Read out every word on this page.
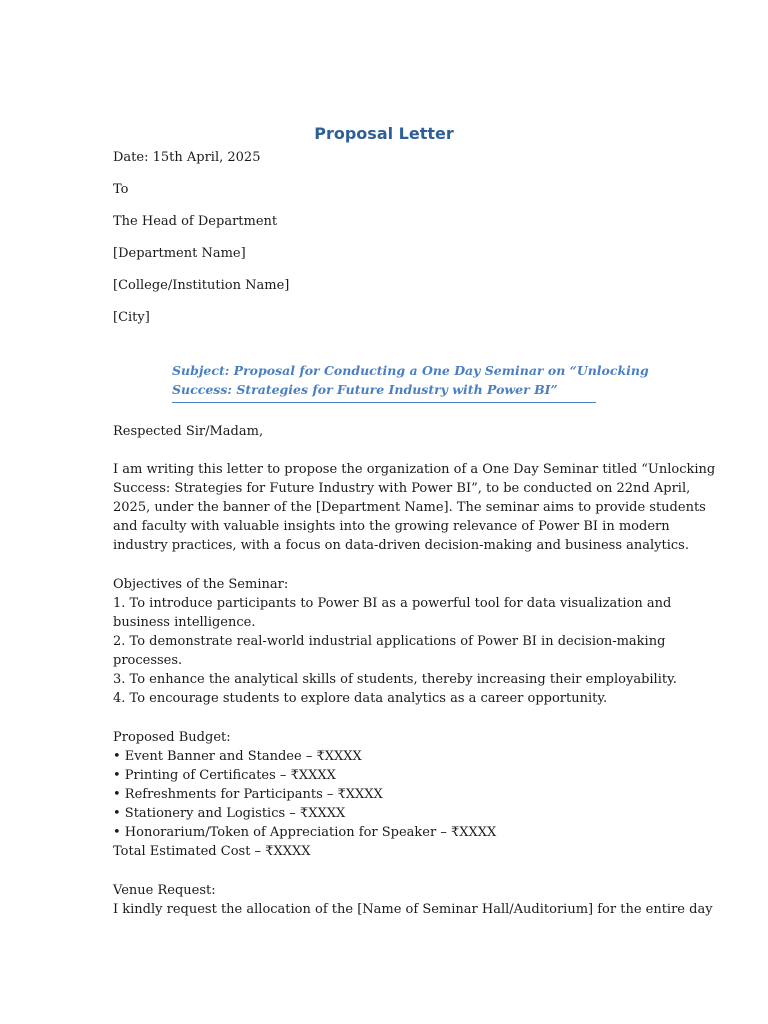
Proposal Letter
Date: 15th April, 2025
To
The Head of Department
[Department Name]
[College/Institution Name]
[City]
Subject: Proposal for Conducting a One Day Seminar on “Unlocking
Success: Strategies for Future Industry with Power BI”
Respected Sir/Madam,
I am writing this letter to propose the organization of a One Day Seminar titled “Unlocking
Success: Strategies for Future Industry with Power BI”, to be conducted on 22nd April,
2025, under the banner of the [Department Name]. The seminar aims to provide students
and faculty with valuable insights into the growing relevance of Power BI in modern
industry practices, with a focus on data-driven decision-making and business analytics.
Objectives of the Seminar:
1. To introduce participants to Power BI as a powerful tool for data visualization and
business intelligence.
2. To demonstrate real-world industrial applications of Power BI in decision-making
processes.
3. To enhance the analytical skills of students, thereby increasing their employability.
4. To encourage students to explore data analytics as a career opportunity.
Proposed Budget:
• Event Banner and Standee – ₹XXXX
• Printing of Certificates – ₹XXXX
• Refreshments for Participants – ₹XXXX
• Stationery and Logistics – ₹XXXX
• Honorarium/Token of Appreciation for Speaker – ₹XXXX
Total Estimated Cost – ₹XXXX
Venue Request:
I kindly request the allocation of the [Name of Seminar Hall/Auditorium] for the entire day
